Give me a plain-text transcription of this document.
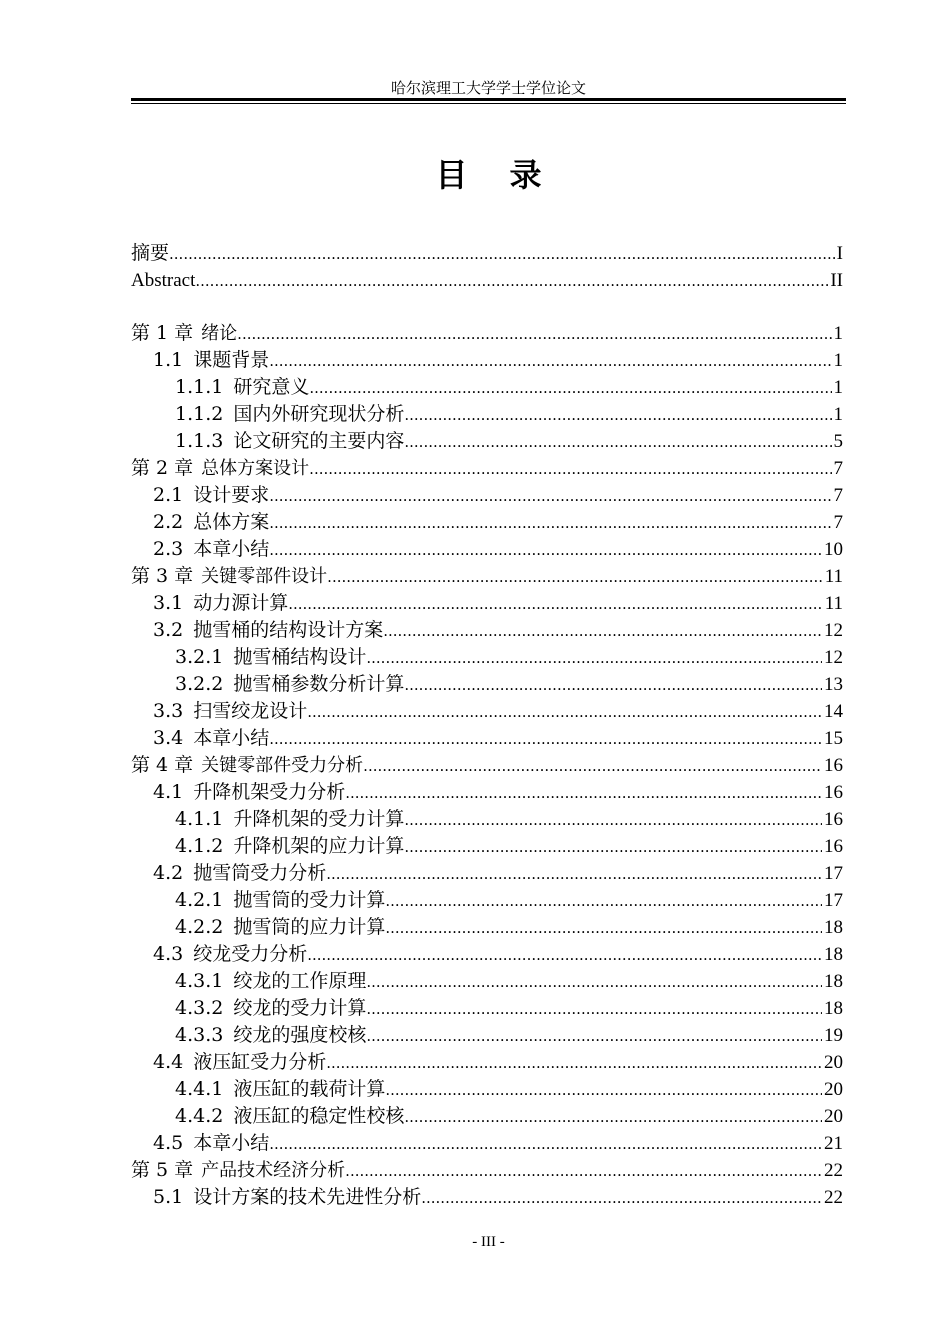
哈尔滨理工大学学士学位论文
目录
摘要 .....	I
Abstract .....	II
第 1 章 绪论 .....	1
1.1 课题背景 .....	1
1.1.1 研究意义 .....	1
1.1.2 国内外研究现状分析 .....	1
1.1.3 论文研究的主要内容 .....	5
第 2 章 总体方案设计 .....	7
2.1 设计要求 .....	7
2.2 总体方案 .....	7
2.3 本章小结 .....	10
第 3 章 关键零部件设计 .....	11
3.1 动力源计算 .....	11
3.2 抛雪桶的结构设计方案 .....	12
3.2.1 抛雪桶结构设计 .....	12
3.2.2 抛雪桶参数分析计算 .....	13
3.3 扫雪绞龙设计 .....	14
3.4 本章小结 .....	15
第 4 章 关键零部件受力分析 .....	16
4.1 升降机架受力分析 .....	16
4.1.1 升降机架的受力计算 .....	16
4.1.2 升降机架的应力计算 .....	16
4.2 抛雪筒受力分析 .....	17
4.2.1 抛雪筒的受力计算 .....	17
4.2.2 抛雪筒的应力计算 .....	18
4.3 绞龙受力分析 .....	18
4.3.1 绞龙的工作原理 .....	18
4.3.2 绞龙的受力计算 .....	18
4.3.3 绞龙的强度校核 .....	19
4.4 液压缸受力分析 .....	20
4.4.1 液压缸的载荷计算 .....	20
4.4.2 液压缸的稳定性校核 .....	20
4.5 本章小结 .....	21
第 5 章 产品技术经济分析 .....	22
5.1 设计方案的技术先进性分析 .....	22
- III -
